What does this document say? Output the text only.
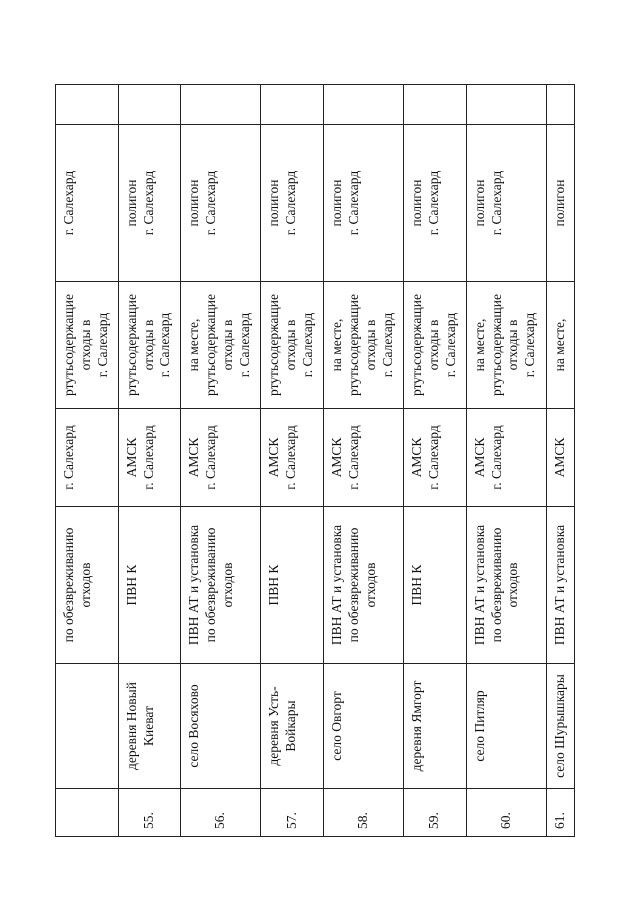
		по обезвреживанию
отходов	г. Салехард	ртутьсодержащие
отходы в
г. Салехард	г. Салехард	
55.	деревня Новый
Киеват	ПВН К	АМСК
г. Салехард	ртутьсодержащие
отходы в
г. Салехард	полигон
г. Салехард	
56.	село Восяхово	ПВН АТ и установка
по обезвреживанию
отходов	АМСК
г. Салехард	на месте,
ртутьсодержащие
отходы в
г. Салехард	полигон
г. Салехард	
57.	деревня Усть-
Войкары	ПВН К	АМСК
г. Салехард	ртутьсодержащие
отходы в
г. Салехард	полигон
г. Салехард	
58.	село Овгорт	ПВН АТ и установка
по обезвреживанию
отходов	АМСК
г. Салехард	на месте,
ртутьсодержащие
отходы в
г. Салехард	полигон
г. Салехард	
59.	деревня Ямгорт	ПВН К	АМСК
г. Салехард	ртутьсодержащие
отходы в
г. Салехард	полигон
г. Салехард	
60.	село Питляр	ПВН АТ и установка
по обезвреживанию
отходов	АМСК
г. Салехард	на месте,
ртутьсодержащие
отходы в
г. Салехард	полигон
г. Салехард	
61.	село Шурышкары	ПВН АТ и установка	АМСК	на месте,	полигон	
